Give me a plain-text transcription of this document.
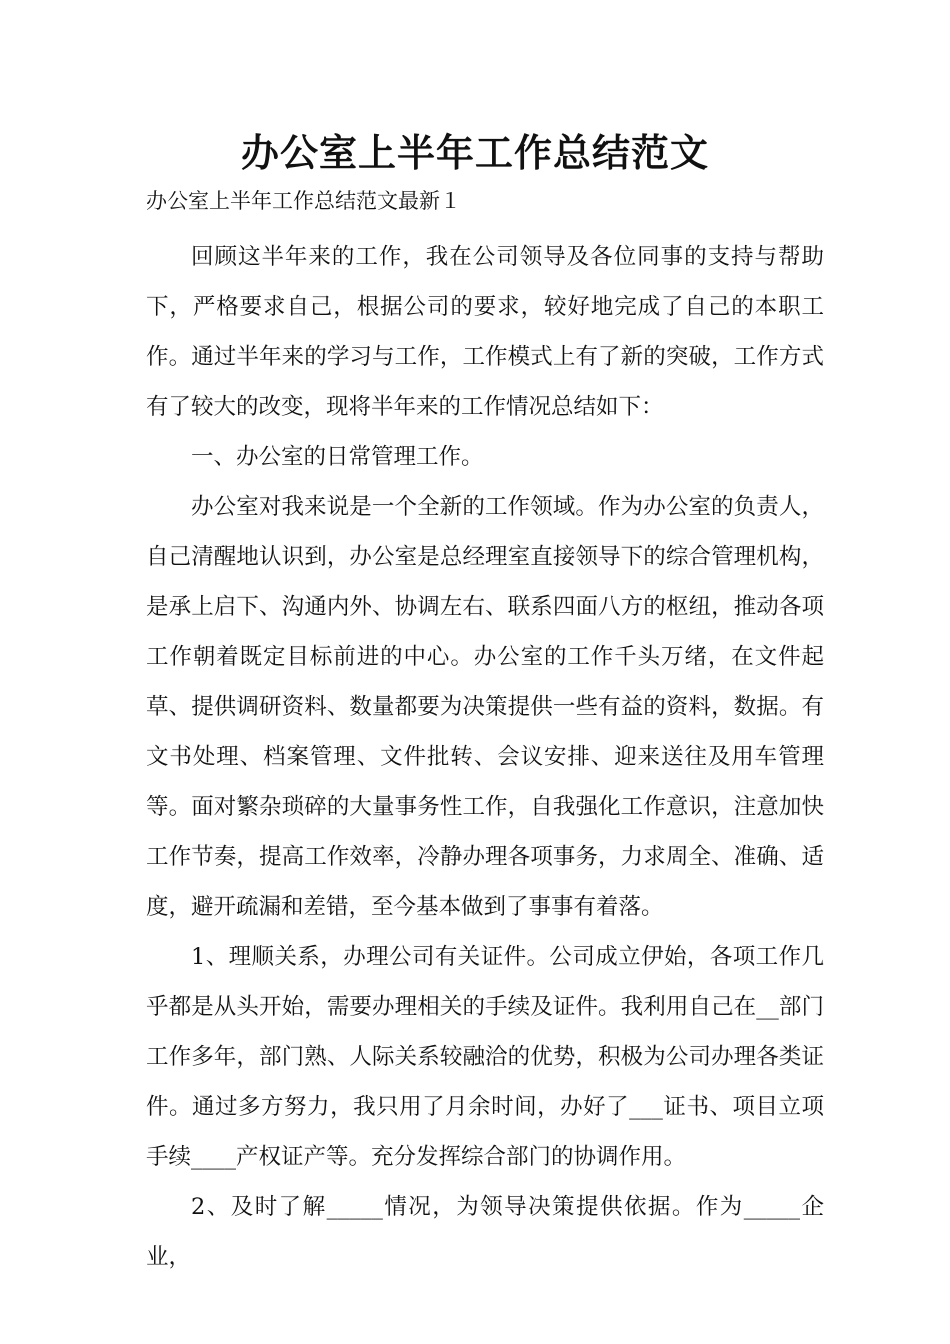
办公室上半年工作总结范文
办公室上半年工作总结范文最新１

回顾这半年来的工作，我在公司领导及各位同事的支持与帮助下，严格要求自己，根据公司的要求，较好地完成了自己的本职工作。通过半年来的学习与工作，工作模式上有了新的突破，工作方式有了较大的改变，现将半年来的工作情况总结如下：

一、办公室的日常管理工作。

办公室对我来说是一个全新的工作领域。作为办公室的负责人，自己清醒地认识到，办公室是总经理室直接领导下的综合管理机构，是承上启下、沟通内外、协调左右、联系四面八方的枢纽，推动各项工作朝着既定目标前进的中心。办公室的工作千头万绪，在文件起草、提供调研资料、数量都要为决策提供一些有益的资料，数据。有文书处理、档案管理、文件批转、会议安排、迎来送往及用车管理等。面对繁杂琐碎的大量事务性工作，自我强化工作意识，注意加快工作节奏，提高工作效率，冷静办理各项事务，力求周全、准确、适度，避开疏漏和差错，至今基本做到了事事有着落。

1、理顺关系，办理公司有关证件。公司成立伊始，各项工作几乎都是从头开始，需要办理相关的手续及证件。我利用自己在__部门工作多年，部门熟、人际关系较融洽的优势，积极为公司办理各类证件。通过多方努力，我只用了月余时间，办好了___证书、项目立项手续____产权证产等。充分发挥综合部门的协调作用。

2、及时了解_____情况，为领导决策提供依据。作为_____企业，
